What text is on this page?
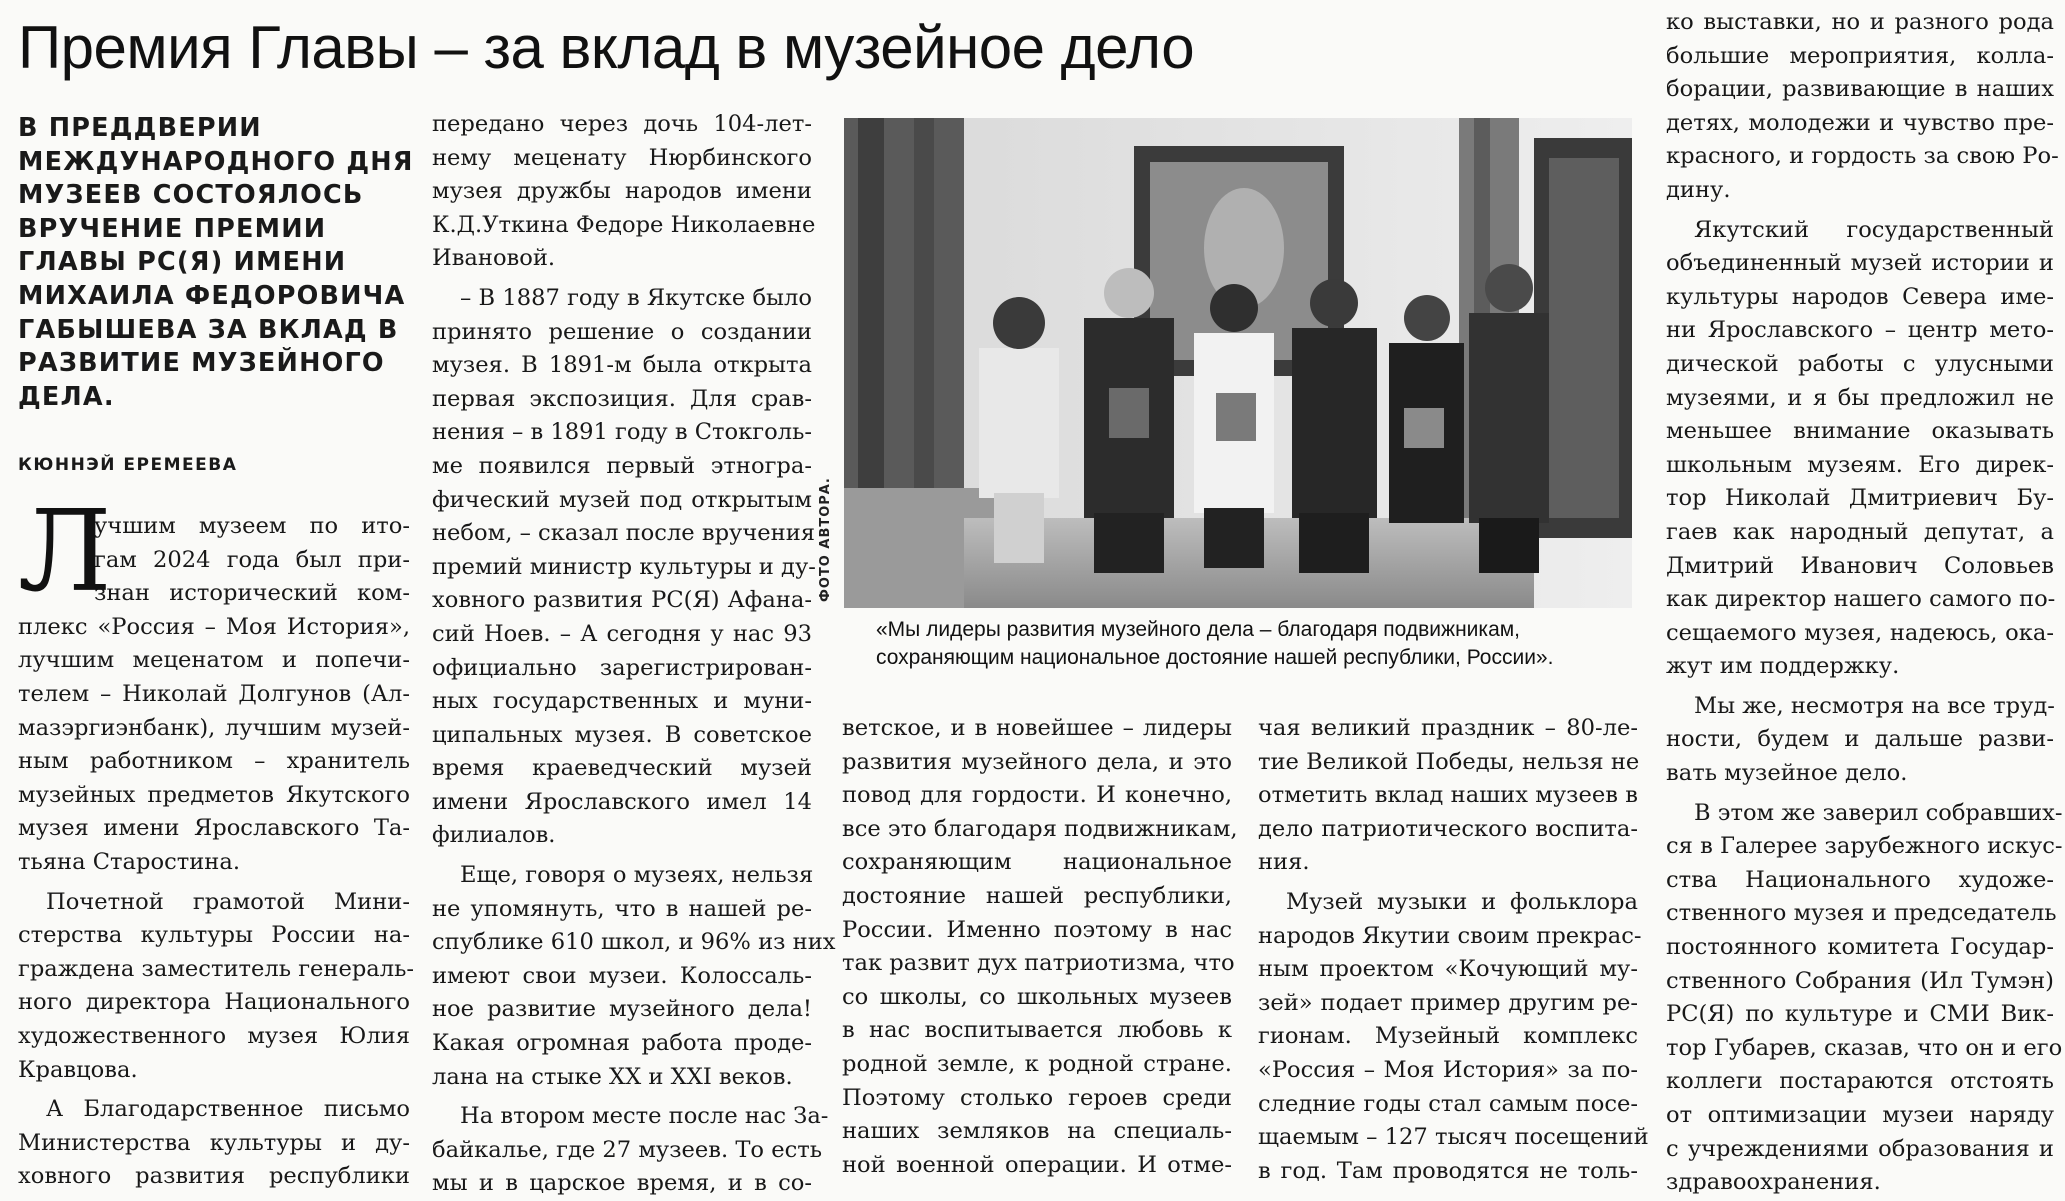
Премия Главы – за вклад в музейное дело

В ПРЕДДВЕРИИ

МЕЖДУНАРОДНОГО ДНЯ

МУЗЕЕВ СОСТОЯЛОСЬ

ВРУЧЕНИЕ ПРЕМИИ

ГЛАВЫ РС(Я) ИМЕНИ

МИХАИЛА ФЕДОРОВИЧА

ГАБЫШЕВА ЗА ВКЛАД В

РАЗВИТИЕ МУЗЕЙНОГО

ДЕЛА.

КЮННЭЙ ЕРЕМЕЕВА
Л

учшим музеем по ито-

гам 2024 года был при-

знан исторический ком-

плекс «Россия – Моя История»,

лучшим меценатом и попечи-

телем – Николай Долгунов (Ал-

мазэргиэнбанк), лучшим музей-

ным работником – хранитель

музейных предметов Якутского

музея имени Ярославского Та-

тьяна Старостина.

Почетной грамотой Мини-

стерства культуры России на-

граждена заместитель генераль-

ного директора Национального

художественного музея Юлия

Кравцова.

А Благодарственное письмо

Министерства культуры и ду-

ховного развития республики

передано через дочь 104-лет-

нему меценату Нюрбинского

музея дружбы народов имени

К.Д.Уткина Федоре Николаевне

Ивановой.

– В 1887 году в Якутске было

принято решение о создании

музея. В 1891-м была открыта

первая экспозиция. Для срав-

нения – в 1891 году в Стокголь-

ме появился первый этногра-

фический музей под открытым

небом, – сказал после вручения

премий министр культуры и ду-

ховного развития РС(Я) Афана-

сий Ноев. – А сегодня у нас 93

официально зарегистрирован-

ных государственных и муни-

ципальных музея. В советское

время краеведческий музей

имени Ярославского имел 14

филиалов.

Еще, говоря о музеях, нельзя

не упомянуть, что в нашей ре-

спублике 610 школ, и 96% из них

имеют свои музеи. Колоссаль-

ное развитие музейного дела!

Какая огромная работа проде-

лана на стыке XX и XXI веков.

На втором месте после нас За-

байкалье, где 27 музеев. То есть

мы и в царское время, и в со-

ФОТО АВТОРА.
«Мы лидеры развития музейного дела – благодаря подвижникам,
сохраняющим национальное достояние нашей республики, России».

ветское, и в новейшее – лидеры

развития музейного дела, и это

повод для гордости. И конечно,

все это благодаря подвижникам,

сохраняющим национальное

достояние нашей республики,

России. Именно поэтому в нас

так развит дух патриотизма, что

со школы, со школьных музеев

в нас воспитывается любовь к

родной земле, к родной стране.

Поэтому столько героев среди

наших земляков на специаль-

ной военной операции. И отме-

чая великий праздник – 80-ле-

тие Великой Победы, нельзя не

отметить вклад наших музеев в

дело патриотического воспита-

ния.

Музей музыки и фольклора

народов Якутии своим прекрас-

ным проектом «Кочующий му-

зей» подает пример другим ре-

гионам. Музейный комплекс

«Россия – Моя История» за по-

следние годы стал самым посе-

щаемым – 127 тысяч посещений

в год. Там проводятся не толь-

ко выставки, но и разного рода

большие мероприятия, колла-

борации, развивающие в наших

детях, молодежи и чувство пре-

красного, и гордость за свою Ро-

дину.

Якутский государственный

объединенный музей истории и

культуры народов Севера име-

ни Ярославского – центр мето-

дической работы с улусными

музеями, и я бы предложил не

меньшее внимание оказывать

школьным музеям. Его дирек-

тор Николай Дмитриевич Бу-

гаев как народный депутат, а

Дмитрий Иванович Соловьев

как директор нашего самого по-

сещаемого музея, надеюсь, ока-

жут им поддержку.

Мы же, несмотря на все труд-

ности, будем и дальше разви-

вать музейное дело.

В этом же заверил собравших-

ся в Галерее зарубежного искус-

ства Национального художе-

ственного музея и председатель

постоянного комитета Государ-

ственного Собрания (Ил Тумэн)

РС(Я) по культуре и СМИ Вик-

тор Губарев, сказав, что он и его

коллеги постараются отстоять

от оптимизации музеи наряду

с учреждениями образования и

здравоохранения.
